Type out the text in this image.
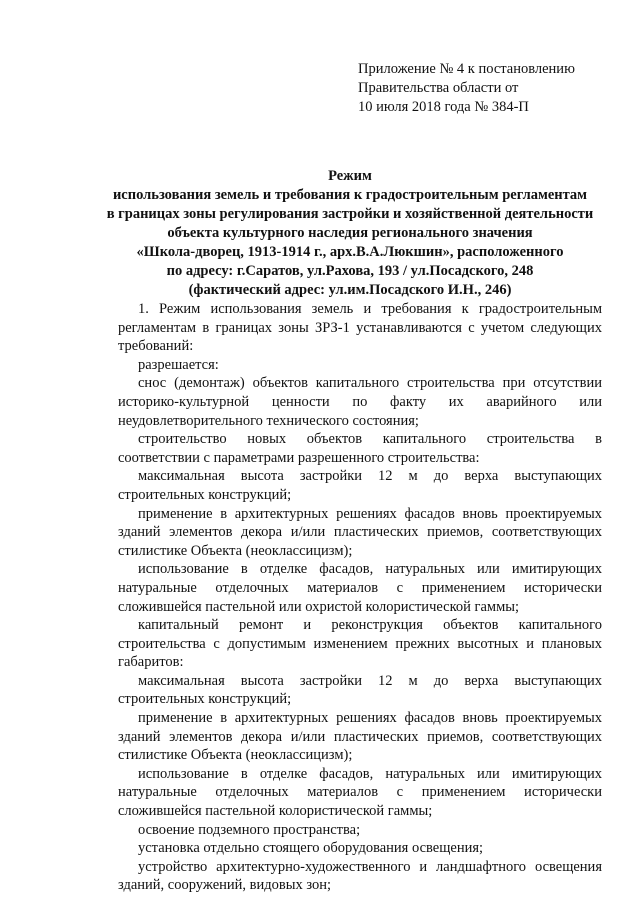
Приложение № 4 к постановлению
Правительства области от
10 июля 2018 года № 384-П
Режим
использования земель и требования к градостроительным регламентам
в границах зоны регулирования застройки и хозяйственной деятельности
объекта культурного наследия регионального значения
«Школа-дворец, 1913-1914 г., арх.В.А.Люкшин», расположенного
по адресу: г.Саратов, ул.Рахова, 193 / ул.Посадского, 248
(фактический адрес: ул.им.Посадского И.Н., 246)

1. Режим использования земель и требования к градостроительным регламентам в границах зоны ЗРЗ-1 устанавливаются с учетом следующих требований:

разрешается:

снос (демонтаж) объектов капитального строительства при отсутствии историко-культурной ценности по факту их аварийного или неудовлетворительного технического состояния;

строительство новых объектов капитального строительства в соответствии с параметрами разрешенного строительства:

максимальная высота застройки 12 м до верха выступающих строительных конструкций;

применение в архитектурных решениях фасадов вновь проектируемых зданий элементов декора и/или пластических приемов, соответствующих стилистике Объекта (неоклассицизм);

использование в отделке фасадов, натуральных или имитирующих натуральные отделочных материалов с применением исторически сложившейся пастельной или охристой колористической гаммы;

капитальный ремонт и реконструкция объектов капитального строительства с допустимым изменением прежних высотных и плановых габаритов:

максимальная высота застройки 12 м до верха выступающих строительных конструкций;

применение в архитектурных решениях фасадов вновь проектируемых зданий элементов декора и/или пластических приемов, соответствующих стилистике Объекта (неоклассицизм);

использование в отделке фасадов, натуральных или имитирующих натуральные отделочных материалов с применением исторически сложившейся пастельной колористической гаммы;

освоение подземного пространства;

установка отдельно стоящего оборудования освещения;

устройство архитектурно-художественного и ландшафтного освещения зданий, сооружений, видовых зон;
